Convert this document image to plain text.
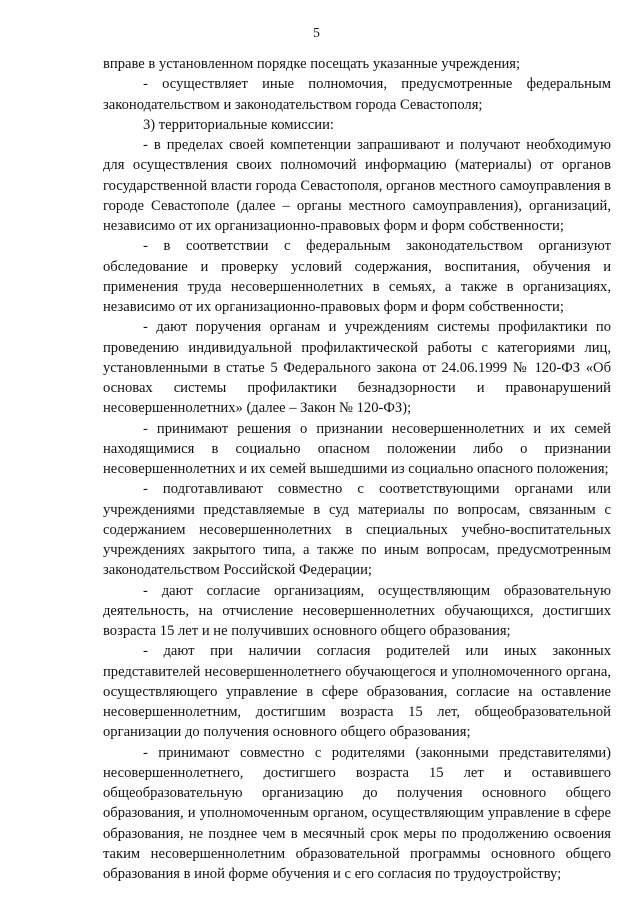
5

вправе в установленном порядке посещать указанные учреждения;

- осуществляет иные полномочия, предусмотренные федеральным законодательством и законодательством города Севастополя;

3) территориальные комиссии:

- в пределах своей компетенции запрашивают и получают необходимую для осуществления своих полномочий информацию (материалы) от органов государственной власти города Севастополя, органов местного самоуправления в городе Севастополе (далее – органы местного самоуправления), организаций, независимо от их организационно-правовых форм и форм собственности;

- в соответствии с федеральным законодательством организуют обследование и проверку условий содержания, воспитания, обучения и применения труда несовершеннолетних в семьях, а также в организациях, независимо от их организационно-правовых форм и форм собственности;

- дают поручения органам и учреждениям системы профилактики по проведению индивидуальной профилактической работы с категориями лиц, установленными в статье 5 Федерального закона от 24.06.1999 № 120-ФЗ «Об основах системы профилактики безнадзорности и правонарушений несовершеннолетних» (далее – Закон № 120-ФЗ);

- принимают решения о признании несовершеннолетних и их семей находящимися в социально опасном положении либо о признании несовершеннолетних и их семей вышедшими из социально опасного положения;

- подготавливают совместно с соответствующими органами или учреждениями представляемые в суд материалы по вопросам, связанным с содержанием несовершеннолетних в специальных учебно-воспитательных учреждениях закрытого типа, а также по иным вопросам, предусмотренным законодательством Российской Федерации;

- дают согласие организациям, осуществляющим образовательную деятельность, на отчисление несовершеннолетних обучающихся, достигших возраста 15 лет и не получивших основного общего образования;

- дают при наличии согласия родителей или иных законных представителей несовершеннолетнего обучающегося и уполномоченного органа, осуществляющего управление в сфере образования, согласие на оставление несовершеннолетним, достигшим возраста 15 лет, общеобразовательной организации до получения основного общего образования;

- принимают совместно с родителями (законными представителями) несовершеннолетнего, достигшего возраста 15 лет и оставившего общеобразовательную организацию до получения основного общего образования, и уполномоченным органом, осуществляющим управление в сфере образования, не позднее чем в месячный срок меры по продолжению освоения таким несовершеннолетним образовательной программы основного общего образования в иной форме обучения и с его согласия по трудоустройству;
